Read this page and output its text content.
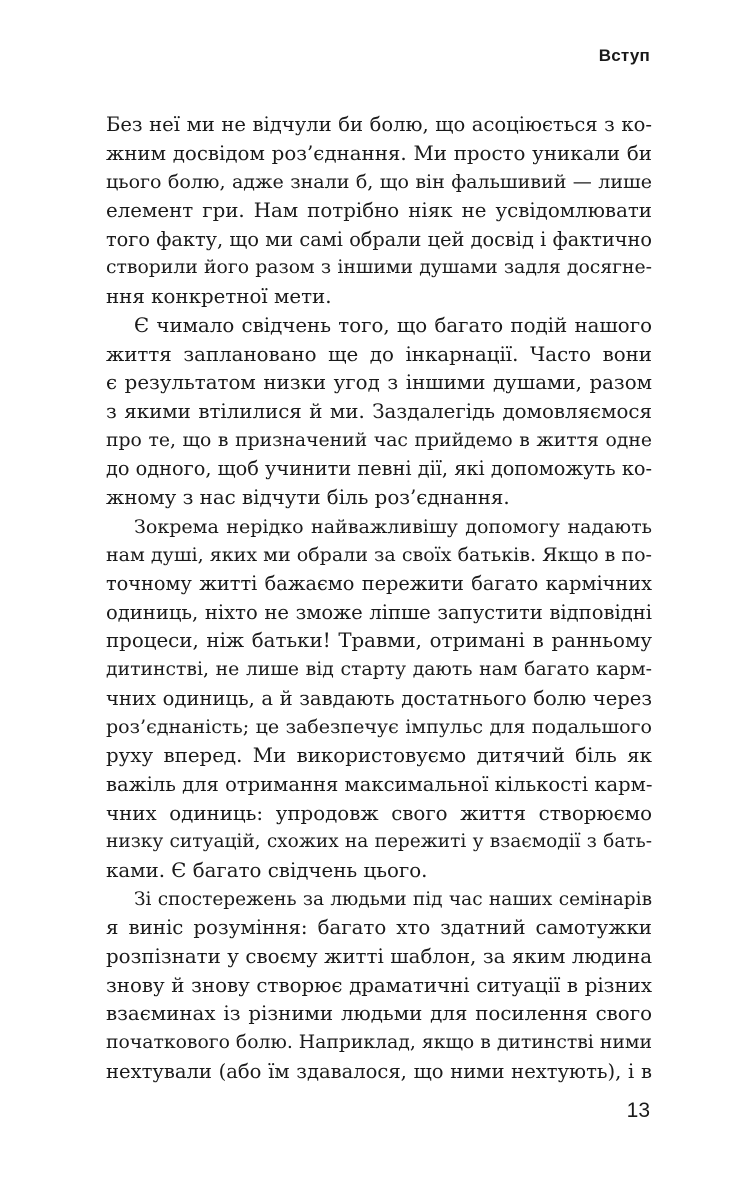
Вступ
Без неї ми не відчули би болю, що асоціюється з ко-
жним досвідом роз’єднання. Ми просто уникали би
цього болю, адже знали б, що він фальшивий — лише
елемент гри. Нам потрібно ніяк не усвідомлювати
того факту, що ми самі обрали цей досвід і фактично
створили його разом з іншими душами задля досягне-
ння конкретної мети.
Є чимало свідчень того, що багато подій нашого
життя заплановано ще до інкарнації. Часто вони
є результатом низки угод з іншими душами, разом
з якими втілилися й ми. Заздалегідь домовляємося
про те, що в призначений час прийдемо в життя одне
до одного, щоб учинити певні дії, які допоможуть ко-
жному з нас відчути біль роз’єднання.
Зокрема нерідко найважливішу допомогу надають
нам душі, яких ми обрали за своїх батьків. Якщо в по-
точному житті бажаємо пережити багато кармічних
одиниць, ніхто не зможе ліпше запустити відповідні
процеси, ніж батьки! Травми, отримані в ранньому
дитинстві, не лише від старту дають нам багато карм-
чних одиниць, а й завдають достатнього болю через
роз’єднаність; це забезпечує імпульс для подальшого
руху вперед. Ми використовуємо дитячий біль як
важіль для отримання максимальної кількості карм-
чних одиниць: упродовж свого життя створюємо
низку ситуацій, схожих на пережиті у взаємодії з бать-
ками. Є багато свідчень цього.
Зі спостережень за людьми під час наших семінарів
я виніс розуміння: багато хто здатний самотужки
розпізнати у своєму житті шаблон, за яким людина
знову й знову створює драматичні ситуації в різних
взаєминах із різними людьми для посилення свого
початкового болю. Наприклад, якщо в дитинстві ними
нехтували (або їм здавалося, що ними нехтують), і в
13
